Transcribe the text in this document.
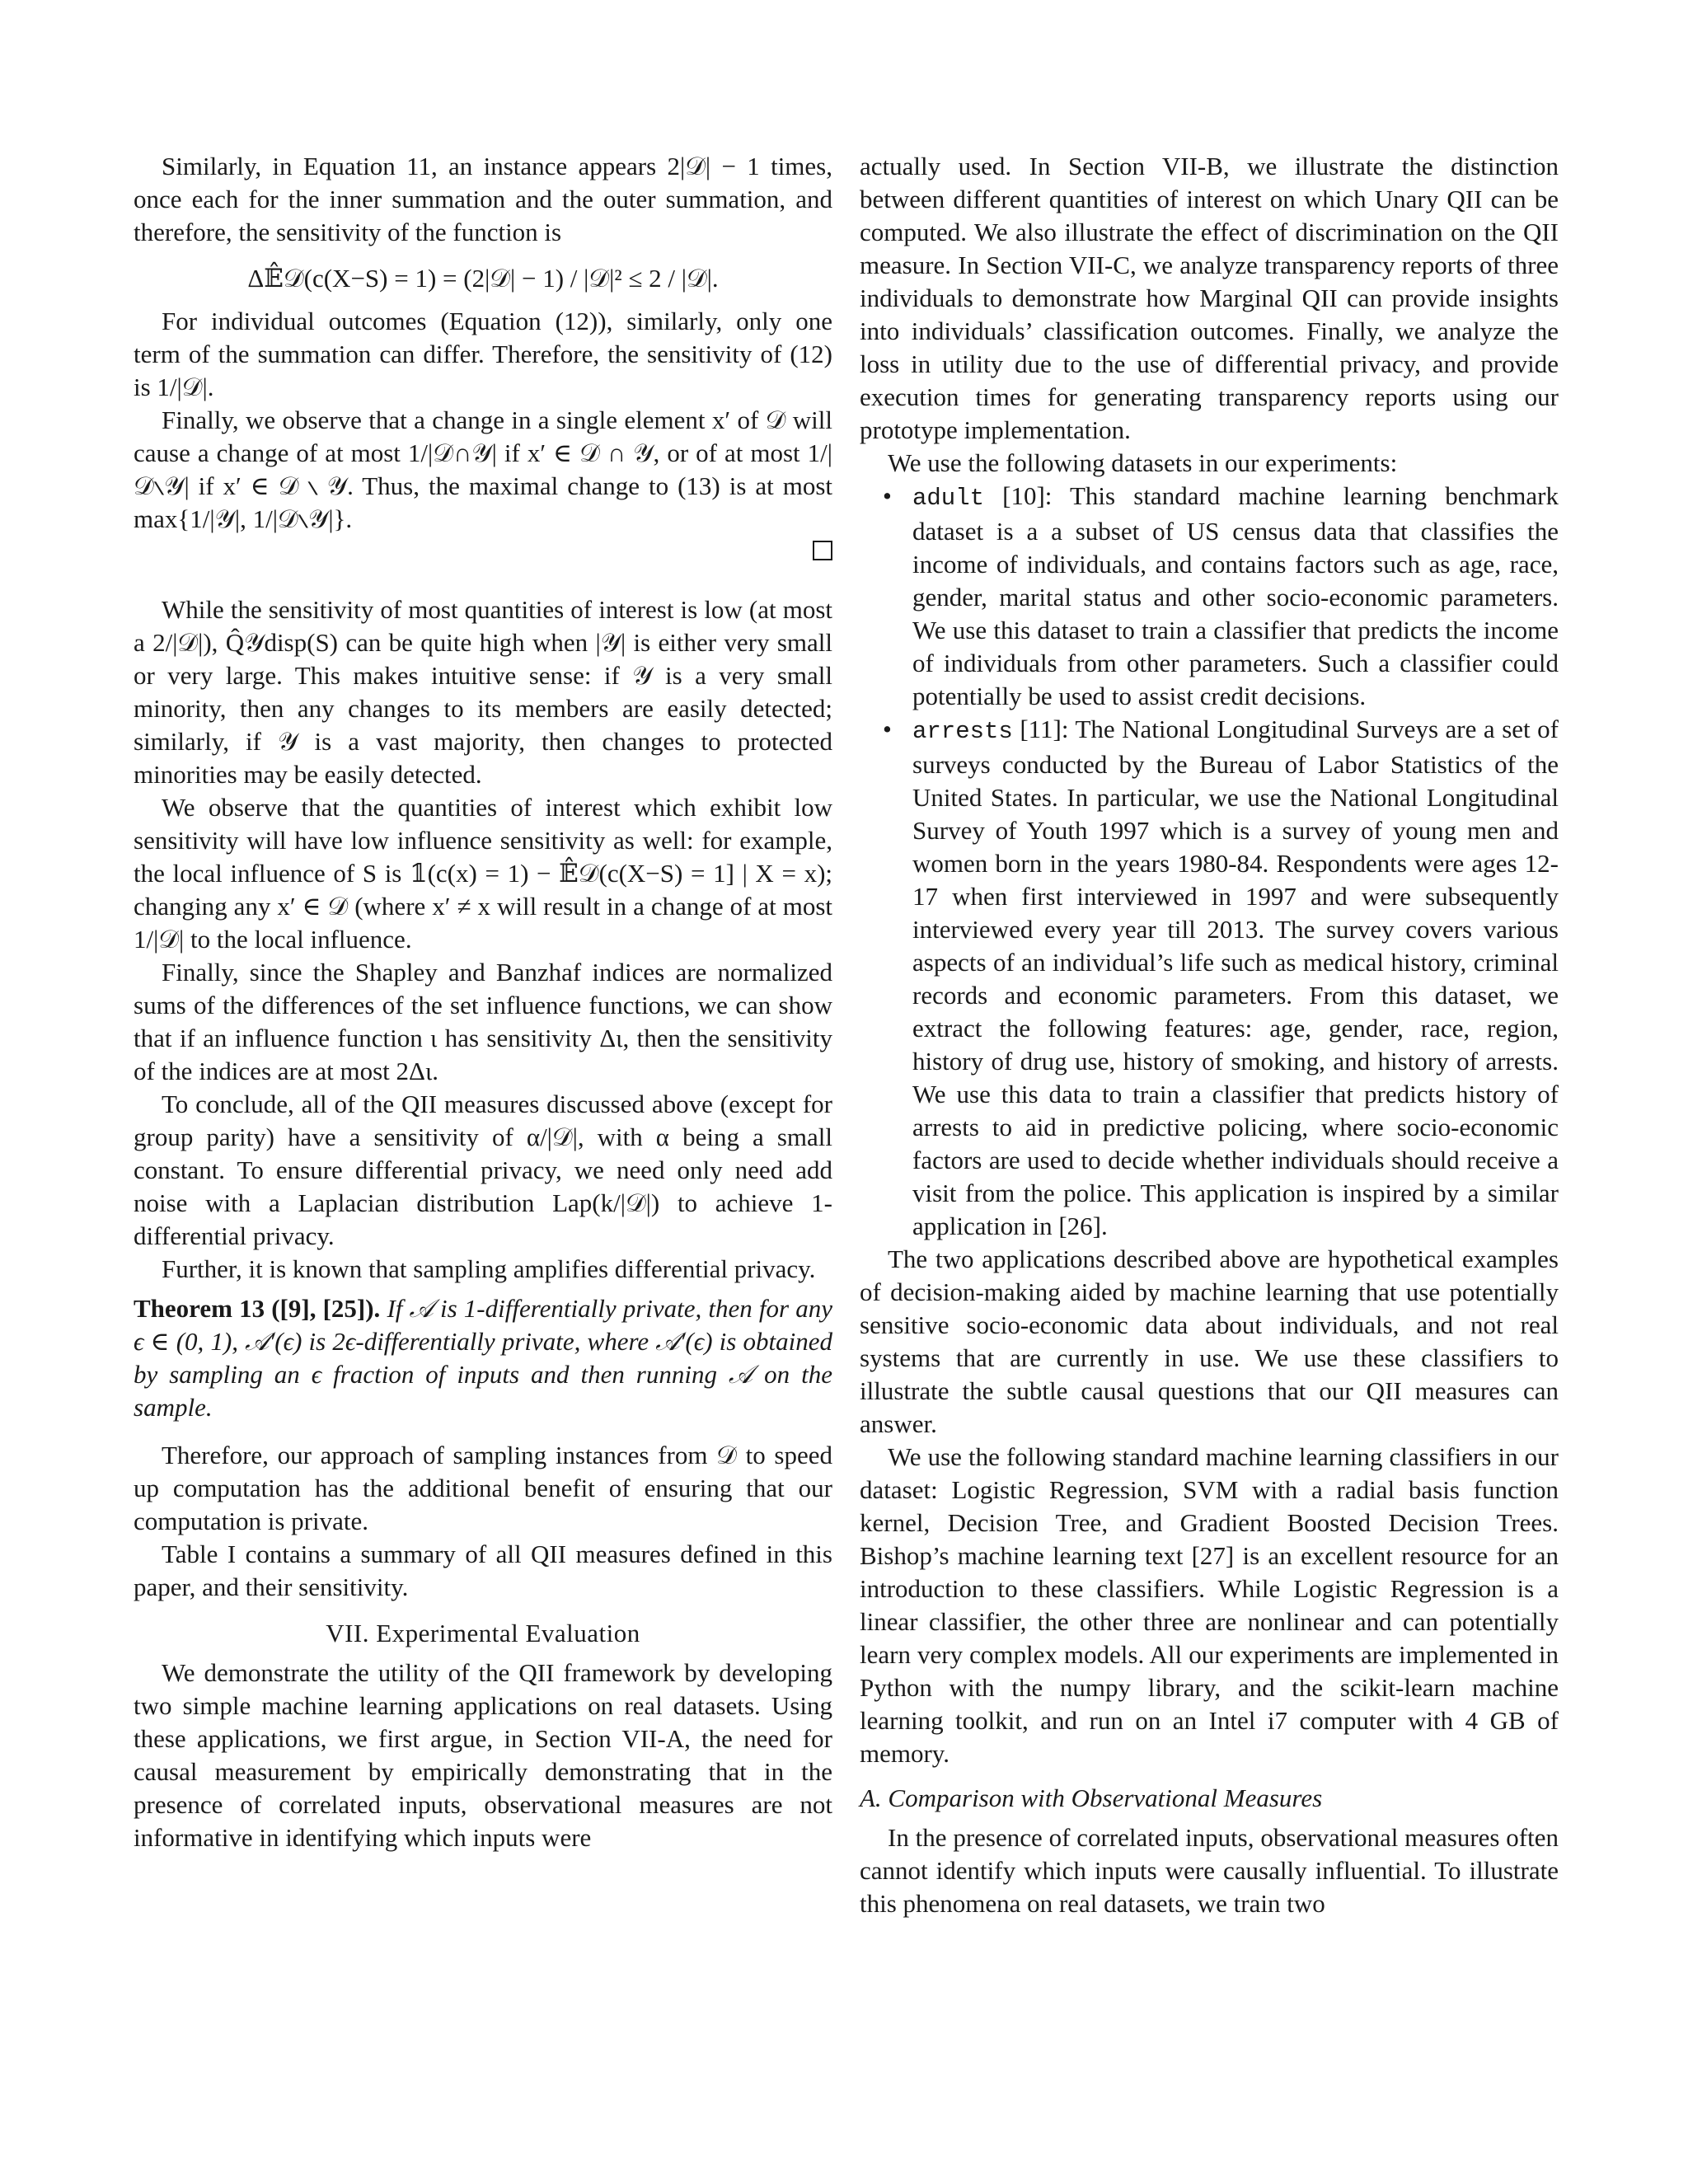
Similarly, in Equation 11, an instance appears 2|𝒟| − 1 times, once each for the inner summation and the outer summation, and therefore, the sensitivity of the function is

Δ𝔼̂𝒟(c(X−S) = 1) = (2|𝒟| − 1) / |𝒟|² ≤ 2 / |𝒟|.

For individual outcomes (Equation (12)), similarly, only one term of the summation can differ. Therefore, the sensitivity of (12) is 1/|𝒟|.

Finally, we observe that a change in a single element x′ of 𝒟 will cause a change of at most 1/|𝒟∩𝒴| if x′ ∈ 𝒟 ∩ 𝒴, or of at most 1/|𝒟∖𝒴| if x′ ∈ 𝒟 ∖ 𝒴. Thus, the maximal change to (13) is at most max{1/|𝒴|, 1/|𝒟∖𝒴|}.

While the sensitivity of most quantities of interest is low (at most a 2/|𝒟|), Q̂𝒴disp(S) can be quite high when |𝒴| is either very small or very large. This makes intuitive sense: if 𝒴 is a very small minority, then any changes to its members are easily detected; similarly, if 𝒴 is a vast majority, then changes to protected minorities may be easily detected.

We observe that the quantities of interest which exhibit low sensitivity will have low influence sensitivity as well: for example, the local influence of S is 𝟙(c(x) = 1) − 𝔼̂𝒟(c(X−S) = 1] | X = x); changing any x′ ∈ 𝒟 (where x′ ≠ x will result in a change of at most 1/|𝒟| to the local influence.

Finally, since the Shapley and Banzhaf indices are normalized sums of the differences of the set influence functions, we can show that if an influence function ι has sensitivity Δι, then the sensitivity of the indices are at most 2Δι.

To conclude, all of the QII measures discussed above (except for group parity) have a sensitivity of α/|𝒟|, with α being a small constant. To ensure differential privacy, we need only need add noise with a Laplacian distribution Lap(k/|𝒟|) to achieve 1-differential privacy.

Further, it is known that sampling amplifies differential privacy.

Theorem 13 ([9], [25]). If 𝒜 is 1-differentially private, then for any ϵ ∈ (0, 1), 𝒜′(ϵ) is 2ϵ-differentially private, where 𝒜′(ϵ) is obtained by sampling an ϵ fraction of inputs and then running 𝒜 on the sample.

Therefore, our approach of sampling instances from 𝒟 to speed up computation has the additional benefit of ensuring that our computation is private.

Table I contains a summary of all QII measures defined in this paper, and their sensitivity.

VII. Experimental Evaluation

We demonstrate the utility of the QII framework by developing two simple machine learning applications on real datasets. Using these applications, we first argue, in Section VII-A, the need for causal measurement by empirically demonstrating that in the presence of correlated inputs, observational measures are not informative in identifying which inputs were

actually used. In Section VII-B, we illustrate the distinction between different quantities of interest on which Unary QII can be computed. We also illustrate the effect of discrimination on the QII measure. In Section VII-C, we analyze transparency reports of three individuals to demonstrate how Marginal QII can provide insights into individuals’ classification outcomes. Finally, we analyze the loss in utility due to the use of differential privacy, and provide execution times for generating transparency reports using our prototype implementation.

We use the following datasets in our experiments:

• adult [10]: This standard machine learning benchmark dataset is a a subset of US census data that classifies the income of individuals, and contains factors such as age, race, gender, marital status and other socio-economic parameters. We use this dataset to train a classifier that predicts the income of individuals from other parameters. Such a classifier could potentially be used to assist credit decisions.
• arrests [11]: The National Longitudinal Surveys are a set of surveys conducted by the Bureau of Labor Statistics of the United States. In particular, we use the National Longitudinal Survey of Youth 1997 which is a survey of young men and women born in the years 1980-84. Respondents were ages 12-17 when first interviewed in 1997 and were subsequently interviewed every year till 2013. The survey covers various aspects of an individual’s life such as medical history, criminal records and economic parameters. From this dataset, we extract the following features: age, gender, race, region, history of drug use, history of smoking, and history of arrests. We use this data to train a classifier that predicts history of arrests to aid in predictive policing, where socio-economic factors are used to decide whether individuals should receive a visit from the police. This application is inspired by a similar application in [26].

The two applications described above are hypothetical examples of decision-making aided by machine learning that use potentially sensitive socio-economic data about individuals, and not real systems that are currently in use. We use these classifiers to illustrate the subtle causal questions that our QII measures can answer.

We use the following standard machine learning classifiers in our dataset: Logistic Regression, SVM with a radial basis function kernel, Decision Tree, and Gradient Boosted Decision Trees. Bishop’s machine learning text [27] is an excellent resource for an introduction to these classifiers. While Logistic Regression is a linear classifier, the other three are nonlinear and can potentially learn very complex models. All our experiments are implemented in Python with the numpy library, and the scikit-learn machine learning toolkit, and run on an Intel i7 computer with 4 GB of memory.

A. Comparison with Observational Measures

In the presence of correlated inputs, observational measures often cannot identify which inputs were causally influential. To illustrate this phenomena on real datasets, we train two
